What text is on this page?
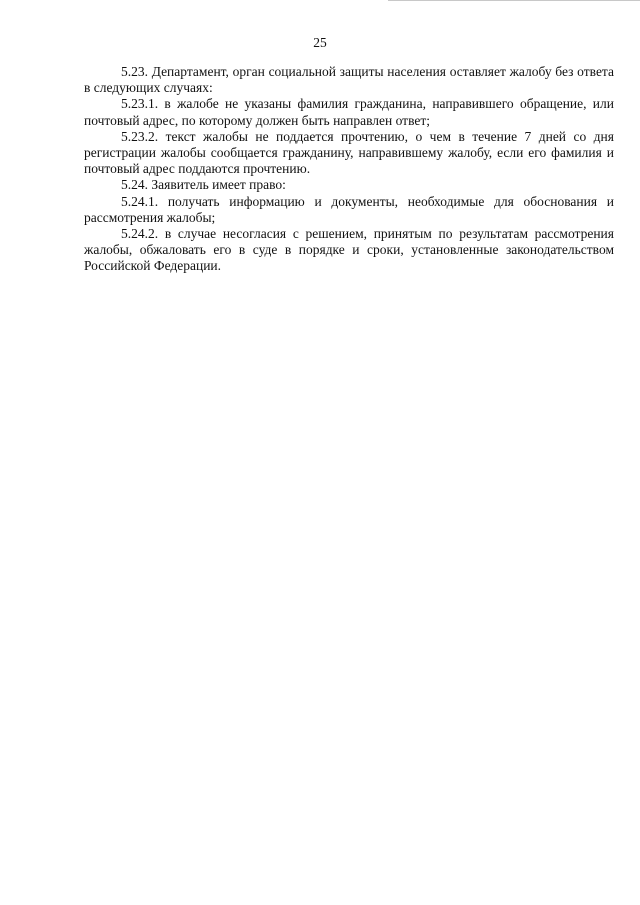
25

5.23. Департамент, орган социальной защиты населения оставляет жалобу без ответа в следующих случаях:

5.23.1. в жалобе не указаны фамилия гражданина, направившего обращение, или почтовый адрес, по которому должен быть направлен ответ;

5.23.2. текст жалобы не поддается прочтению, о чем в течение 7 дней со дня регистрации жалобы сообщается гражданину, направившему жалобу, если его фамилия и почтовый адрес поддаются прочтению.

5.24. Заявитель имеет право:

5.24.1. получать информацию и документы, необходимые для обоснования и рассмотрения жалобы;

5.24.2. в случае несогласия с решением, принятым по результатам рассмотрения жалобы, обжаловать его в суде в порядке и сроки, установленные законодательством Российской Федерации.
